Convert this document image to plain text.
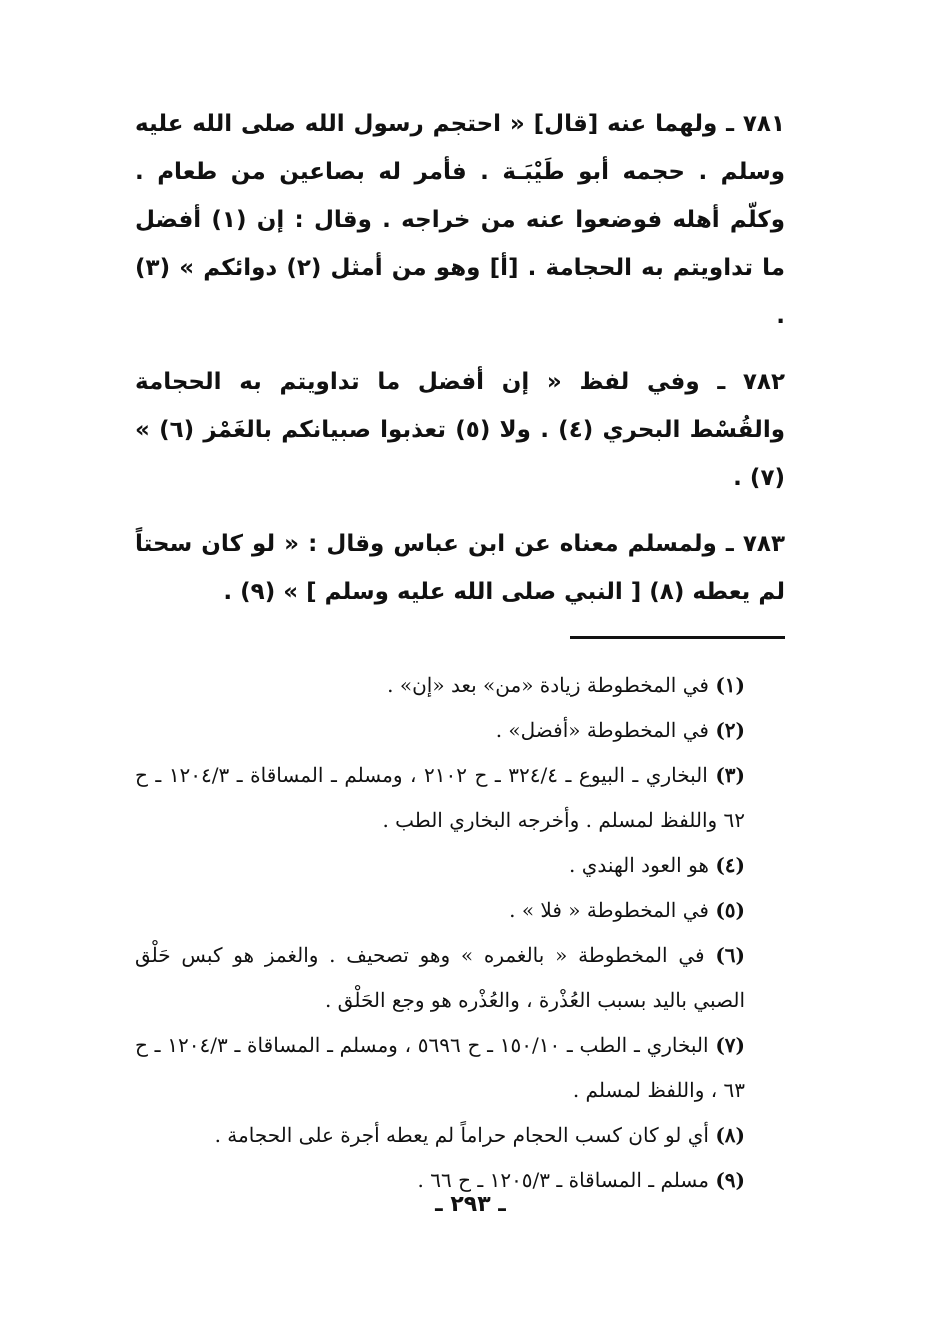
٧٨١ ـ ولهما عنه [قال] « احتجم رسول الله صلى الله عليه وسلم . حجمه أبو طَيْبَـة . فأمر له بصاعين من طعام . وكلّم أهله فوضعوا عنه من خراجه . وقال : إن (١) أفضل ما تداويتم به الحجامة . [أ] وهو من أمثل (٢) دوائكم » (٣) .

٧٨٢ ـ وفي لفظ « إن أفضل ما تداويتم به الحجامة والقُسْط البحري (٤) . ولا (٥) تعذبوا صبيانكم بالغَمْز (٦) » (٧) .

٧٨٣ ـ ولمسلم معناه عن ابن عباس وقال : « لو كان سحتاً لم يعطه (٨) [ النبي صلى الله عليه وسلم ] » (٩) .

(١) في المخطوطة زيادة «من» بعد «إن» .

(٢) في المخطوطة «أفضل» .

(٣) البخاري ـ البيوع ـ ٣٢٤/٤ ـ ح ٢١٠٢ ، ومسلم ـ المساقاة ـ ١٢٠٤/٣ ـ ح ٦٢ واللفظ لمسلم . وأخرجه البخاري الطب .

(٤) هو العود الهندي .

(٥) في المخطوطة « فلا » .

(٦) في المخطوطة « بالغمره » وهو تصحيف . والغمز هو كبس حَلْق الصبي باليد بسبب العُذْرة ، والعُذْره هو وجع الحَلْق .

(٧) البخاري ـ الطب ـ ١٥٠/١٠ ـ ح ٥٦٩٦ ، ومسلم ـ المساقاة ـ ١٢٠٤/٣ ـ ح ٦٣ ، واللفظ لمسلم .

(٨) أي لو كان كسب الحجام حراماً لم يعطه أجرة على الحجامة .

(٩) مسلم ـ المساقاة ـ ١٢٠٥/٣ ـ ح ٦٦ .

ـ ٢٩٣ ـ
